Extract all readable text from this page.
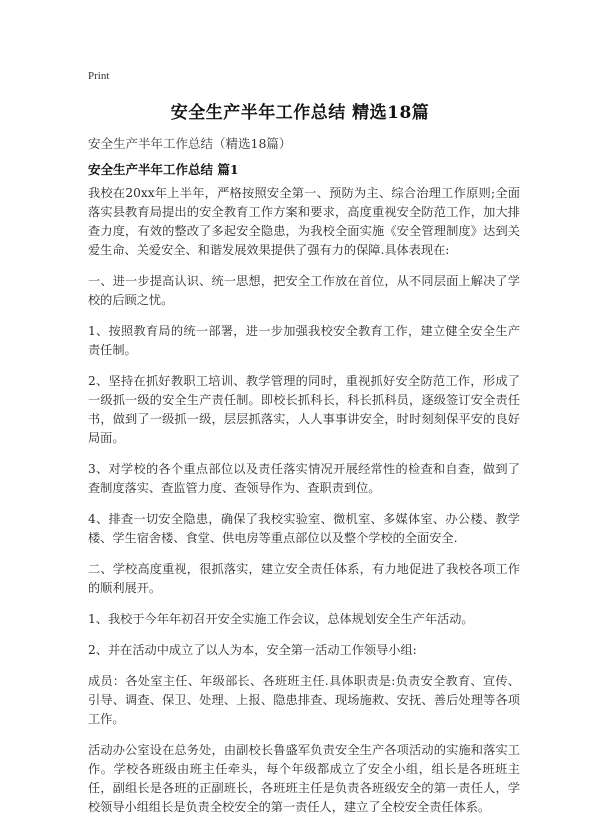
Print
安全生产半年工作总结 精选18篇
安全生产半年工作总结（精选18篇）
安全生产半年工作总结 篇1

我校在20xx年上半年，严格按照安全第一、预防为主、综合治理工作原则;全面落实县教育局提出的安全教育工作方案和要求，高度重视安全防范工作，加大排查力度，有效的整改了多起安全隐患，为我校全面实施《安全管理制度》达到关爱生命、关爱安全、和谐发展效果提供了强有力的保障.具体表现在:

一、进一步提高认识、统一思想，把安全工作放在首位，从不同层面上解决了学校的后顾之忧。

1、按照教育局的统一部署，进一步加强我校安全教育工作，建立健全安全生产责任制。

2、坚持在抓好教职工培训、教学管理的同时，重视抓好安全防范工作，形成了一级抓一级的安全生产责任制。即校长抓科长，科长抓科员，逐级签订安全责任书，做到了一级抓一级，层层抓落实，人人事事讲安全，时时刻刻保平安的良好局面。

3、对学校的各个重点部位以及责任落实情况开展经常性的检查和自查，做到了查制度落实、查监管力度、查领导作为、查职责到位。

4、排查一切安全隐患，确保了我校实验室、微机室、多媒体室、办公楼、教学楼、学生宿舍楼、食堂、供电房等重点部位以及整个学校的全面安全.

二、学校高度重视，很抓落实，建立安全责任体系，有力地促进了我校各项工作的顺利展开。

1、我校于今年年初召开安全实施工作会议，总体规划安全生产年活动。

2、并在活动中成立了以人为本，安全第一活动工作领导小组:

成员：各处室主任、年级部长、各班班主任.具体职责是:负责安全教育、宣传、引导、调查、保卫、处理、上报、隐患排查、现场施救、安抚、善后处理等各项工作。

活动办公室设在总务处，由副校长鲁盛军负责安全生产各项活动的实施和落实工作。学校各班级由班主任牵头，每个年级都成立了安全小组，组长是各班班主任，副组长是各班的正副班长，各班班主任是负责各班级安全的第一责任人，学校领导小组组长是负责全校安全的第一责任人，建立了全校安全责任体系。
